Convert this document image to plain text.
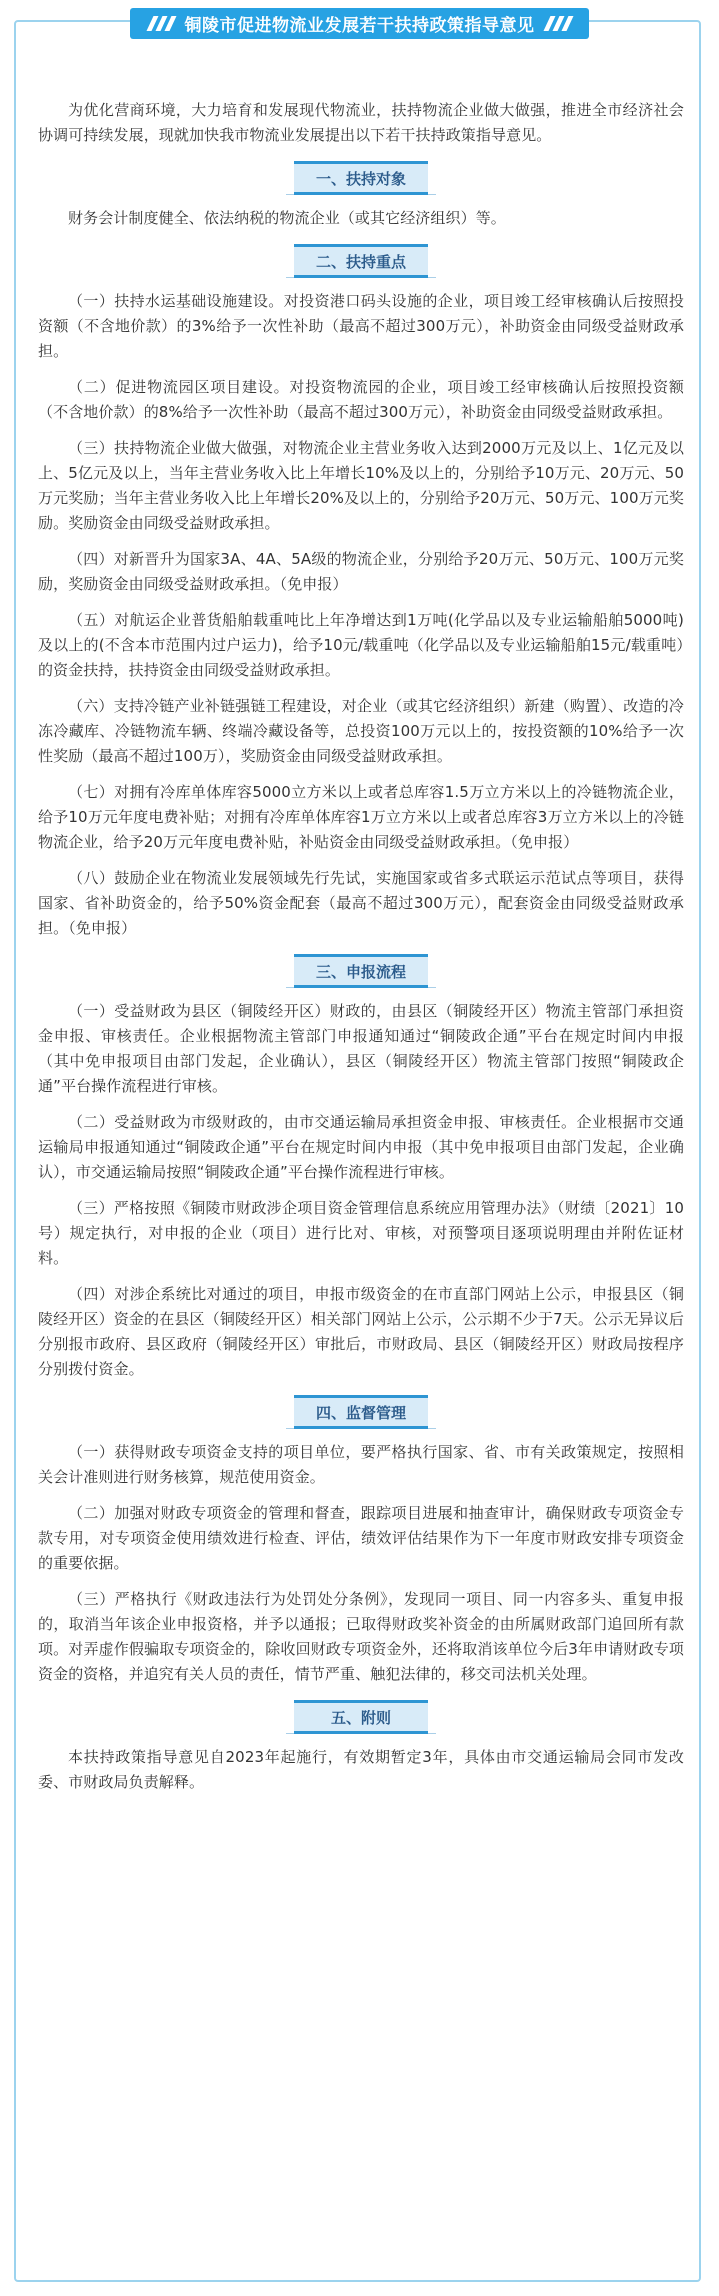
铜陵市促进物流业发展若干扶持政策指导意见

为优化营商环境，大力培育和发展现代物流业，扶持物流企业做大做强，推进全市经济社会协调可持续发展，现就加快我市物流业发展提出以下若干扶持政策指导意见。

一、扶持对象

财务会计制度健全、依法纳税的物流企业（或其它经济组织）等。

二、扶持重点

（一）扶持水运基础设施建设。对投资港口码头设施的企业，项目竣工经审核确认后按照投资额（不含地价款）的3%给予一次性补助（最高不超过300万元），补助资金由同级受益财政承担。

（二）促进物流园区项目建设。对投资物流园的企业，项目竣工经审核确认后按照投资额（不含地价款）的8%给予一次性补助（最高不超过300万元），补助资金由同级受益财政承担。

（三）扶持物流企业做大做强，对物流企业主营业务收入达到2000万元及以上、1亿元及以上、5亿元及以上，当年主营业务收入比上年增长10%及以上的，分别给予10万元、20万元、50万元奖励；当年主营业务收入比上年增长20%及以上的，分别给予20万元、50万元、100万元奖励。奖励资金由同级受益财政承担。

（四）对新晋升为国家3A、4A、5A级的物流企业，分别给予20万元、50万元、100万元奖励，奖励资金由同级受益财政承担。（免申报）

（五）对航运企业普货船舶载重吨比上年净增达到1万吨(化学品以及专业运输船舶5000吨)及以上的(不含本市范围内过户运力)，给予10元/载重吨（化学品以及专业运输船舶15元/载重吨）的资金扶持，扶持资金由同级受益财政承担。

（六）支持冷链产业补链强链工程建设，对企业（或其它经济组织）新建（购置）、改造的冷冻冷藏库、冷链物流车辆、终端冷藏设备等，总投资100万元以上的，按投资额的10%给予一次性奖励（最高不超过100万），奖励资金由同级受益财政承担。

（七）对拥有冷库单体库容5000立方米以上或者总库容1.5万立方米以上的冷链物流企业，给予10万元年度电费补贴；对拥有冷库单体库容1万立方米以上或者总库容3万立方米以上的冷链物流企业，给予20万元年度电费补贴，补贴资金由同级受益财政承担。（免申报）

（八）鼓励企业在物流业发展领域先行先试，实施国家或省多式联运示范试点等项目，获得国家、省补助资金的，给予50%资金配套（最高不超过300万元），配套资金由同级受益财政承担。（免申报）

三、申报流程

（一）受益财政为县区（铜陵经开区）财政的，由县区（铜陵经开区）物流主管部门承担资金申报、审核责任。企业根据物流主管部门申报通知通过“铜陵政企通”平台在规定时间内申报（其中免申报项目由部门发起，企业确认），县区（铜陵经开区）物流主管部门按照“铜陵政企通”平台操作流程进行审核。

（二）受益财政为市级财政的，由市交通运输局承担资金申报、审核责任。企业根据市交通运输局申报通知通过“铜陵政企通”平台在规定时间内申报（其中免申报项目由部门发起，企业确认），市交通运输局按照“铜陵政企通”平台操作流程进行审核。

（三）严格按照《铜陵市财政涉企项目资金管理信息系统应用管理办法》（财绩〔2021〕10号）规定执行，对申报的企业（项目）进行比对、审核，对预警项目逐项说明理由并附佐证材料。

（四）对涉企系统比对通过的项目，申报市级资金的在市直部门网站上公示，申报县区（铜陵经开区）资金的在县区（铜陵经开区）相关部门网站上公示，公示期不少于7天。公示无异议后分别报市政府、县区政府（铜陵经开区）审批后，市财政局、县区（铜陵经开区）财政局按程序分别拨付资金。

四、监督管理

（一）获得财政专项资金支持的项目单位，要严格执行国家、省、市有关政策规定，按照相关会计准则进行财务核算，规范使用资金。

（二）加强对财政专项资金的管理和督查，跟踪项目进展和抽查审计，确保财政专项资金专款专用，对专项资金使用绩效进行检查、评估，绩效评估结果作为下一年度市财政安排专项资金的重要依据。

（三）严格执行《财政违法行为处罚处分条例》，发现同一项目、同一内容多头、重复申报的，取消当年该企业申报资格，并予以通报；已取得财政奖补资金的由所属财政部门追回所有款项。对弄虚作假骗取专项资金的，除收回财政专项资金外，还将取消该单位今后3年申请财政专项资金的资格，并追究有关人员的责任，情节严重、触犯法律的，移交司法机关处理。

五、附则

本扶持政策指导意见自2023年起施行，有效期暂定3年，具体由市交通运输局会同市发改委、市财政局负责解释。
